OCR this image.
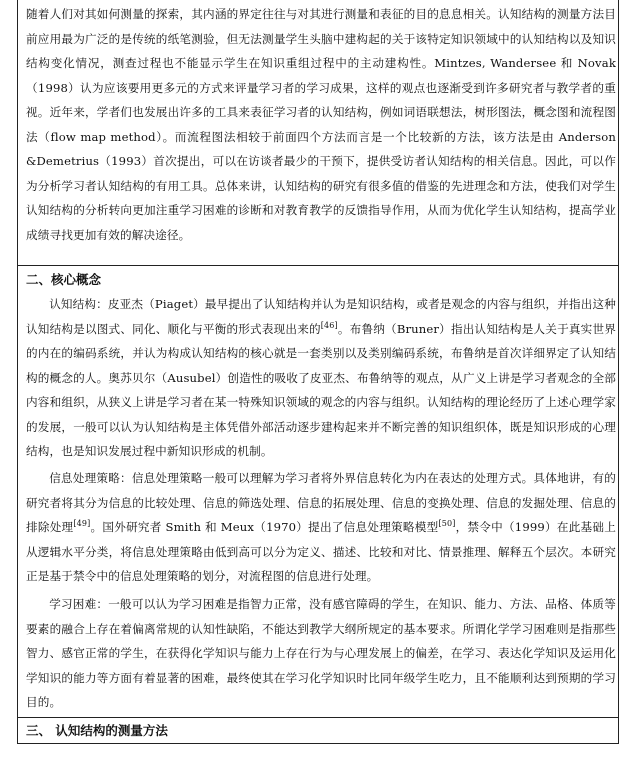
随着人们对其如何测量的探索，其内涵的界定往往与对其进行测量和表征的目的息息相关。认知结构的测量方法目前应用最为广泛的是传统的纸笔测验，但无法测量学生头脑中建构起的关于该特定知识领域中的认知结构以及知识结构变化情况，测查过程也不能显示学生在知识重组过程中的主动建构性。Mintzes, Wandersee 和 Novak（1998）认为应该要用更多元的方式来评量学习者的学习成果，这样的观点也逐渐受到许多研究者与教学者的重视。近年来，学者们也发展出许多的工具来表征学习者的认知结构，例如词语联想法，树形图法，概念图和流程图法（flow map method）。而流程图法相较于前面四个方法而言是一个比较新的方法，该方法是由 Anderson &Demetrius（1993）首次提出，可以在访谈者最少的干预下，提供受访者认知结构的相关信息。因此，可以作为分析学习者认知结构的有用工具。总体来讲，认知结构的研究有很多值的借鉴的先进理念和方法，使我们对学生认知结构的分析转向更加注重学习困难的诊断和对教育教学的反馈指导作用，从而为优化学生认知结构，提高学业成绩寻找更加有效的解决途径。
二、核心概念
认知结构：皮亚杰（Piaget）最早提出了认知结构并认为是知识结构，或者是观念的内容与组织，并指出这种认知结构是以图式、同化、顺化与平衡的形式表现出来的[46]。布鲁纳（Bruner）指出认知结构是人关于真实世界的内在的编码系统，并认为构成认知结构的核心就是一套类别以及类别编码系统，布鲁纳是首次详细界定了认知结构的概念的人。奥苏贝尔（Ausubel）创造性的吸收了皮亚杰、布鲁纳等的观点，从广义上讲是学习者观念的全部内容和组织，从狭义上讲是学习者在某一特殊知识领域的观念的内容与组织。认知结构的理论经历了上述心理学家的发展，一般可以认为认知结构是主体凭借外部活动逐步建构起来并不断完善的知识组织体，既是知识形成的心理结构，也是知识发展过程中新知识形成的机制。
信息处理策略：信息处理策略一般可以理解为学习者将外界信息转化为内在表达的处理方式。具体地讲，有的研究者将其分为信息的比较处理、信息的筛选处理、信息的拓展处理、信息的变换处理、信息的发掘处理、信息的排除处理[49]。国外研究者 Smith 和 Meux（1970）提出了信息处理策略模型[50]，禁令中（1999）在此基础上从逻辑水平分类，将信息处理策略由低到高可以分为定义、描述、比较和对比、情景推理、解释五个层次。本研究正是基于禁令中的信息处理策略的划分，对流程图的信息进行处理。
学习困难：一般可以认为学习困难是指智力正常，没有感官障碍的学生，在知识、能力、方法、品格、体质等要素的融合上存在着偏离常规的认知性缺陷，不能达到教学大纲所规定的基本要求。所谓化学学习困难则是指那些智力、感官正常的学生，在获得化学知识与能力上存在行为与心理发展上的偏差，在学习、表达化学知识及运用化学知识的能力等方面有着显著的困难，最终使其在学习化学知识时比同年级学生吃力，且不能顺利达到预期的学习目的。
三、 认知结构的测量方法
